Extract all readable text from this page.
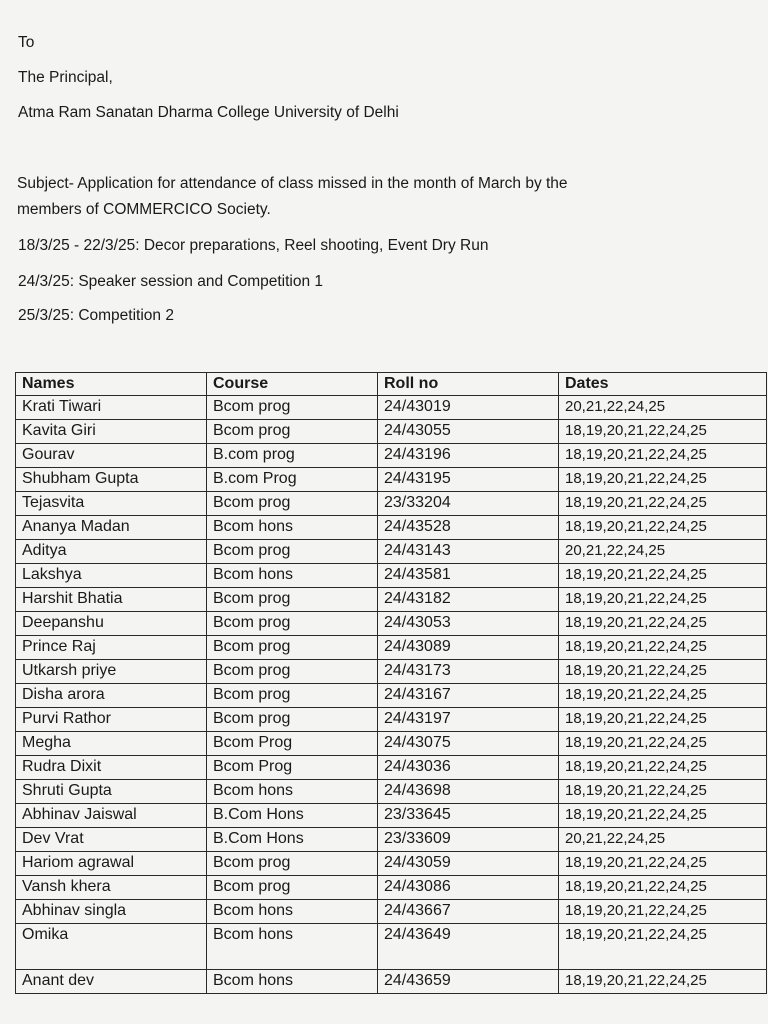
To
The Principal,
Atma Ram Sanatan Dharma College University of Delhi
Subject- Application for attendance of class missed in the month of March by the
members of COMMERCICO Society.
18/3/25 - 22/3/25: Decor preparations, Reel shooting, Event Dry Run
24/3/25: Speaker session and Competition 1
25/3/25: Competition 2
Names	Course	Roll no	Dates
Krati Tiwari	Bcom prog	24/43019	20,21,22,24,25
Kavita Giri	Bcom prog	24/43055	18,19,20,21,22,24,25
Gourav	B.com prog	24/43196	18,19,20,21,22,24,25
Shubham Gupta	B.com Prog	24/43195	18,19,20,21,22,24,25
Tejasvita	Bcom prog	23/33204	18,19,20,21,22,24,25
Ananya Madan	Bcom hons	24/43528	18,19,20,21,22,24,25
Aditya	Bcom prog	24/43143	20,21,22,24,25
Lakshya	Bcom hons	24/43581	18,19,20,21,22,24,25
Harshit Bhatia	Bcom prog	24/43182	18,19,20,21,22,24,25
Deepanshu	Bcom prog	24/43053	18,19,20,21,22,24,25
Prince Raj	Bcom prog	24/43089	18,19,20,21,22,24,25
Utkarsh priye	Bcom prog	24/43173	18,19,20,21,22,24,25
Disha arora	Bcom prog	24/43167	18,19,20,21,22,24,25
Purvi Rathor	Bcom prog	24/43197	18,19,20,21,22,24,25
Megha	Bcom Prog	24/43075	18,19,20,21,22,24,25
Rudra Dixit	Bcom Prog	24/43036	18,19,20,21,22,24,25
Shruti Gupta	Bcom hons	24/43698	18,19,20,21,22,24,25
Abhinav Jaiswal	B.Com Hons	23/33645	18,19,20,21,22,24,25
Dev Vrat	B.Com Hons	23/33609	20,21,22,24,25
Hariom agrawal	Bcom prog	24/43059	18,19,20,21,22,24,25
Vansh khera	Bcom prog	24/43086	18,19,20,21,22,24,25
Abhinav singla	Bcom hons	24/43667	18,19,20,21,22,24,25
Omika	Bcom hons	24/43649	18,19,20,21,22,24,25
Anant dev	Bcom hons	24/43659	18,19,20,21,22,24,25
